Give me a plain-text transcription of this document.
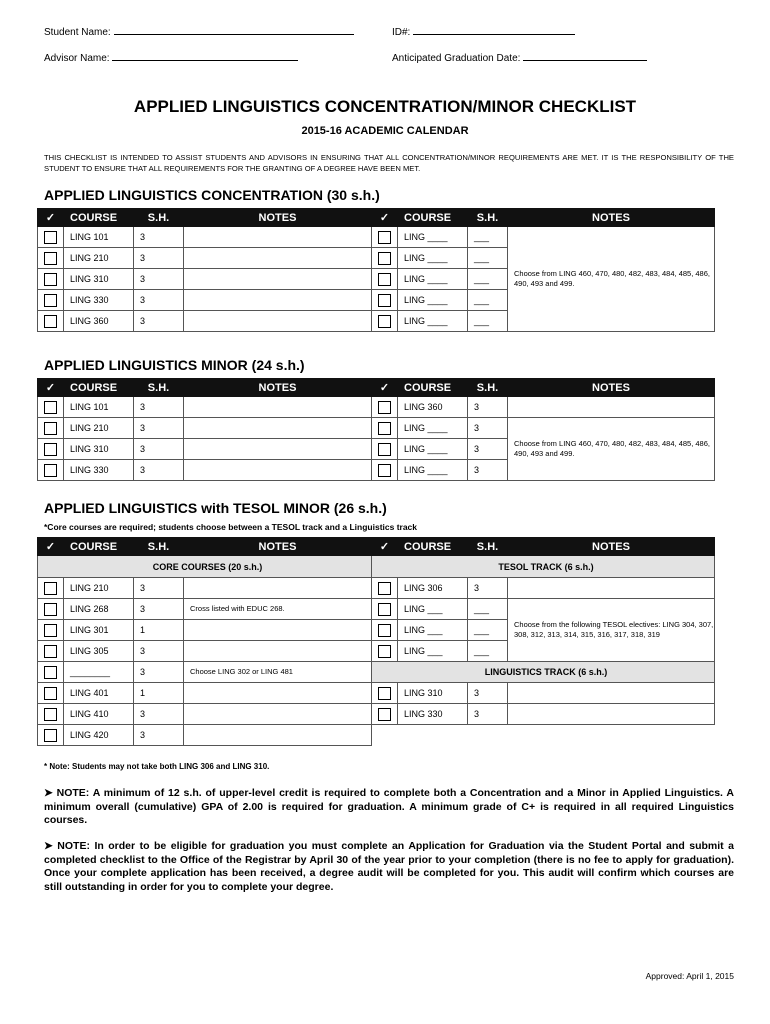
Student Name:	ID#:
Advisor Name:	Anticipated Graduation Date:
APPLIED LINGUISTICS CONCENTRATION/MINOR CHECKLIST
2015-16 ACADEMIC CALENDAR
THIS CHECKLIST IS INTENDED TO ASSIST STUDENTS AND ADVISORS IN ENSURING THAT ALL CONCENTRATION/MINOR REQUIREMENTS ARE MET. IT IS THE RESPONSIBILITY OF THE STUDENT TO ENSURE THAT ALL REQUIREMENTS FOR THE GRANTING OF A DEGREE HAVE BEEN MET.
APPLIED LINGUISTICS CONCENTRATION (30 s.h.)
✓	COURSE	S.H.	NOTES	✓	COURSE	S.H.	NOTES
	LING 101	3			LING ____	___	Choose from LING 460, 470, 480, 482, 483, 484, 485, 486, 490, 493 and 499.
	LING 210	3			LING ____	___	
	LING 310	3			LING ____	___	
	LING 330	3			LING ____	___	
	LING 360	3			LING ____	___	
APPLIED LINGUISTICS MINOR (24 s.h.)
✓	COURSE	S.H.	NOTES	✓	COURSE	S.H.	NOTES
	LING 101	3			LING 360	3	
	LING 210	3			LING ____	3	Choose from LING 460, 470, 480, 482, 483, 484, 485, 486, 490, 493 and 499.
	LING 310	3			LING ____	3	
	LING 330	3			LING ____	3	
APPLIED LINGUISTICS with TESOL MINOR (26 s.h.)
*Core courses are required; students choose between a TESOL track and a Linguistics track
✓	COURSE	S.H.	NOTES	✓	COURSE	S.H.	NOTES
CORE COURSES (20 s.h.)				TESOL TRACK (6 s.h.)			
	LING 210	3			LING 306	3	
	LING 268	3	Cross listed with EDUC 268.		LING ___	___	Choose from the following TESOL electives: LING 304, 307, 308, 312, 313, 314, 315, 316, 317, 318, 319
	LING 301	1			LING ___	___	
	LING 305	3			LING ___	___	
	________	3	Choose LING 302 or LING 481	LINGUISTICS TRACK (6 s.h.)			
	LING 401	1			LING 310	3	
	LING 410	3			LING 330	3	
	LING 420	3					
* Note: Students may not take both LING 306 and LING 310.
➤ NOTE: A minimum of 12 s.h. of upper-level credit is required to complete both a Concentration and a Minor in Applied Linguistics. A minimum overall (cumulative) GPA of 2.00 is required for graduation. A minimum grade of C+ is required in all required Linguistics courses.
➤ NOTE: In order to be eligible for graduation you must complete an Application for Graduation via the Student Portal and submit a completed checklist to the Office of the Registrar by April 30 of the year prior to your completion (there is no fee to apply for graduation). Once your complete application has been received, a degree audit will be completed for you. This audit will confirm which courses are still outstanding in order for you to complete your degree.
Approved: April 1, 2015
